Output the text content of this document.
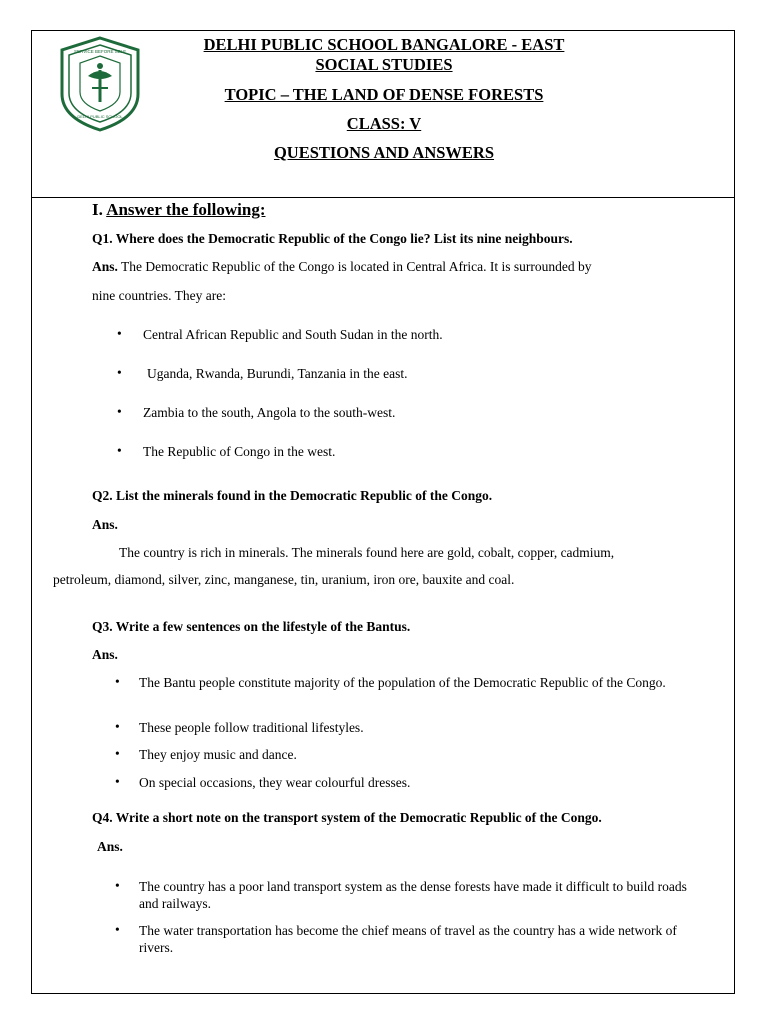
SERVICE BEFORE SELF
DELHI PUBLIC SCHOOL
DELHI PUBLIC SCHOOL BANGALORE - EAST
SOCIAL STUDIES
TOPIC – THE LAND OF DENSE FORESTS
CLASS: V
QUESTIONS AND ANSWERS
I. Answer the following:
Q1. Where does the Democratic Republic of the Congo lie? List its nine neighbours.
Ans. The Democratic Republic of the Congo is located in Central Africa. It is surrounded by
nine countries. They are:
• Central African Republic and South Sudan in the north.
• Uganda, Rwanda, Burundi, Tanzania in the east.
• Zambia to the south, Angola to the south-west.
• The Republic of Congo in the west.
Q2. List the minerals found in the Democratic Republic of the Congo.
Ans.
The country is rich in minerals. The minerals found here are gold, cobalt, copper, cadmium,
petroleum, diamond, silver, zinc, manganese, tin, uranium, iron ore, bauxite and coal.
Q3. Write a few sentences on the lifestyle of the Bantus.
Ans.
• The Bantu people constitute majority of the population of the Democratic Republic of the Congo.
• These people follow traditional lifestyles.
• They enjoy music and dance.
• On special occasions, they wear colourful dresses.
Q4. Write a short note on the transport system of the Democratic Republic of the Congo.
Ans.
• The country has a poor land transport system as the dense forests have made it difficult to build roads and railways.
• The water transportation has become the chief means of travel as the country has a wide network of rivers.
